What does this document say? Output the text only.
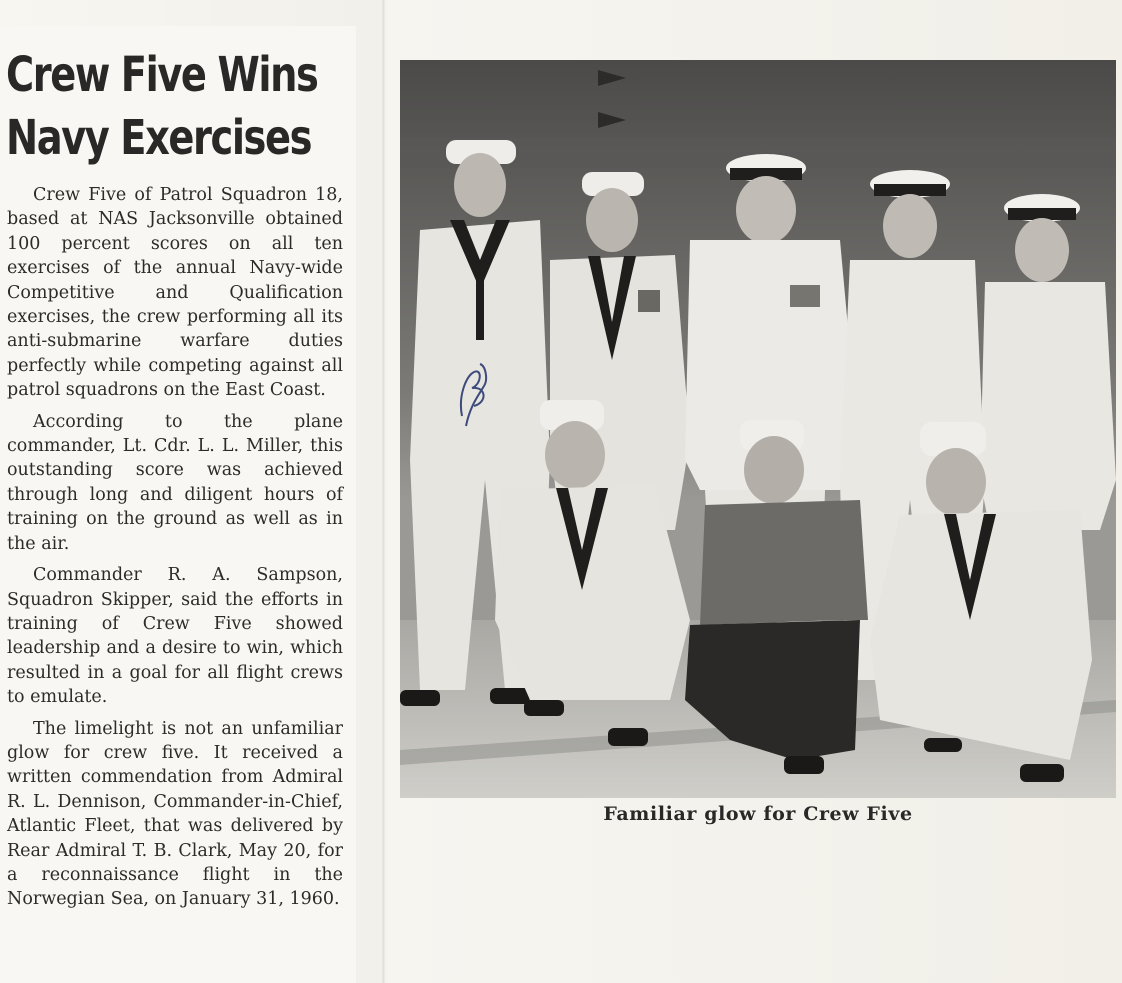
Crew Five Wins
Navy Exercises

Crew Five of Patrol Squadron 18, based at NAS Jacksonville obtained 100 percent scores on all ten exercises of the annual Navy-wide Competitive and Qualification exercises, the crew performing all its anti-submarine warfare duties perfectly while competing against all patrol squadrons on the East Coast.

According to the plane commander, Lt. Cdr. L. L. Miller, this outstanding score was achieved through long and diligent hours of training on the ground as well as in the air.

Commander R. A. Sampson, Squadron Skipper, said the efforts in training of Crew Five showed leadership and a desire to win, which resulted in a goal for all flight crews to emulate.

The limelight is not an unfamiliar glow for crew five. It received a written commendation from Admiral R. L. Dennison, Commander-in-Chief, Atlantic Fleet, that was delivered by Rear Admiral T. B. Clark, May 20, for a reconnaissance flight in the Norwegian Sea, on January 31, 1960.

Familiar glow for Crew Five
